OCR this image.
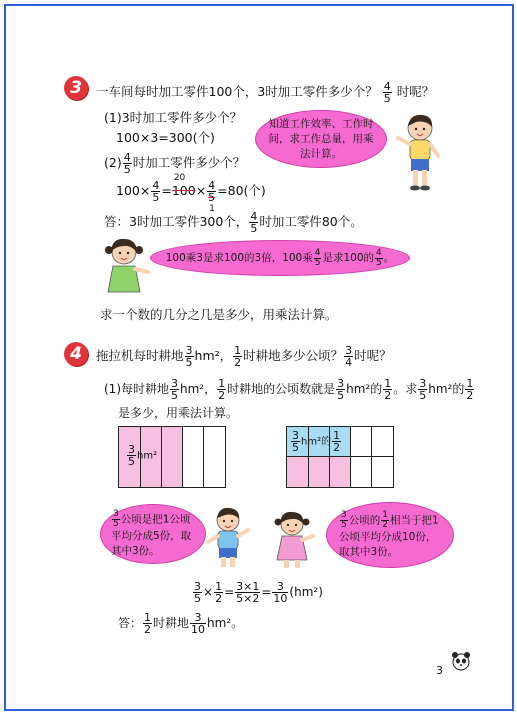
3	一车间每时加工零件100个，3时加工零件多少个？ $\frac{4}{5}$ 时呢？
(1)3时加工零件多少个？
100×3=300(个)
$(2) \frac{4}{5}$ 时加工零件多少个？
$100\times \frac{4}{5}$ =
20
100× 4
5
1
=80(个)
答：3时加工零件300个， $\frac{4}{5}$ 时加工零件80个。
知道工作效率、工作时间，求工作总量，用乘法计算。
100乘3是求100的3倍，100乘 $\frac{4}{5}$ 是求100的 $\frac{4}{5}$ 。
求一个数的几分之几是多少，用乘法计算。
4	拖拉机每时耕地 $\frac{3}{5} hm^2$， $\frac{1}{2}$ 时耕地多少公顷？ $\frac{3}{4}$ 时呢？
(1)每时耕地 $\frac{3}{5} hm^2$， $\frac{1}{2}$ 时耕地的公顷数就是 $\frac{3}{5} hm^2$的 $\frac{1}{2}$ 。求 $\frac{3}{5} hm^2$的 $\frac{1}{2}$
是多少，用乘法计算。
$\frac{3}{5} hm^2$
$\frac{3}{5} hm^2$的 $\frac{1}{2}$
$\frac{3}{5}$ 公顷是把1公顷平均分成5份，取其中3份。
$\frac{3}{5}$ 公顷的 $\frac{1}{2}$ 相当于把1公顷平均分成10份，取其中3份。
$\frac{3}{5} \times \frac{1}{2} = \frac{3\times 1}{5\times 2} = \frac{3}{10} (hm^2)$
答： $\frac{1}{2}$ 时耕地 $\frac{3}{10} hm^2$。
3
